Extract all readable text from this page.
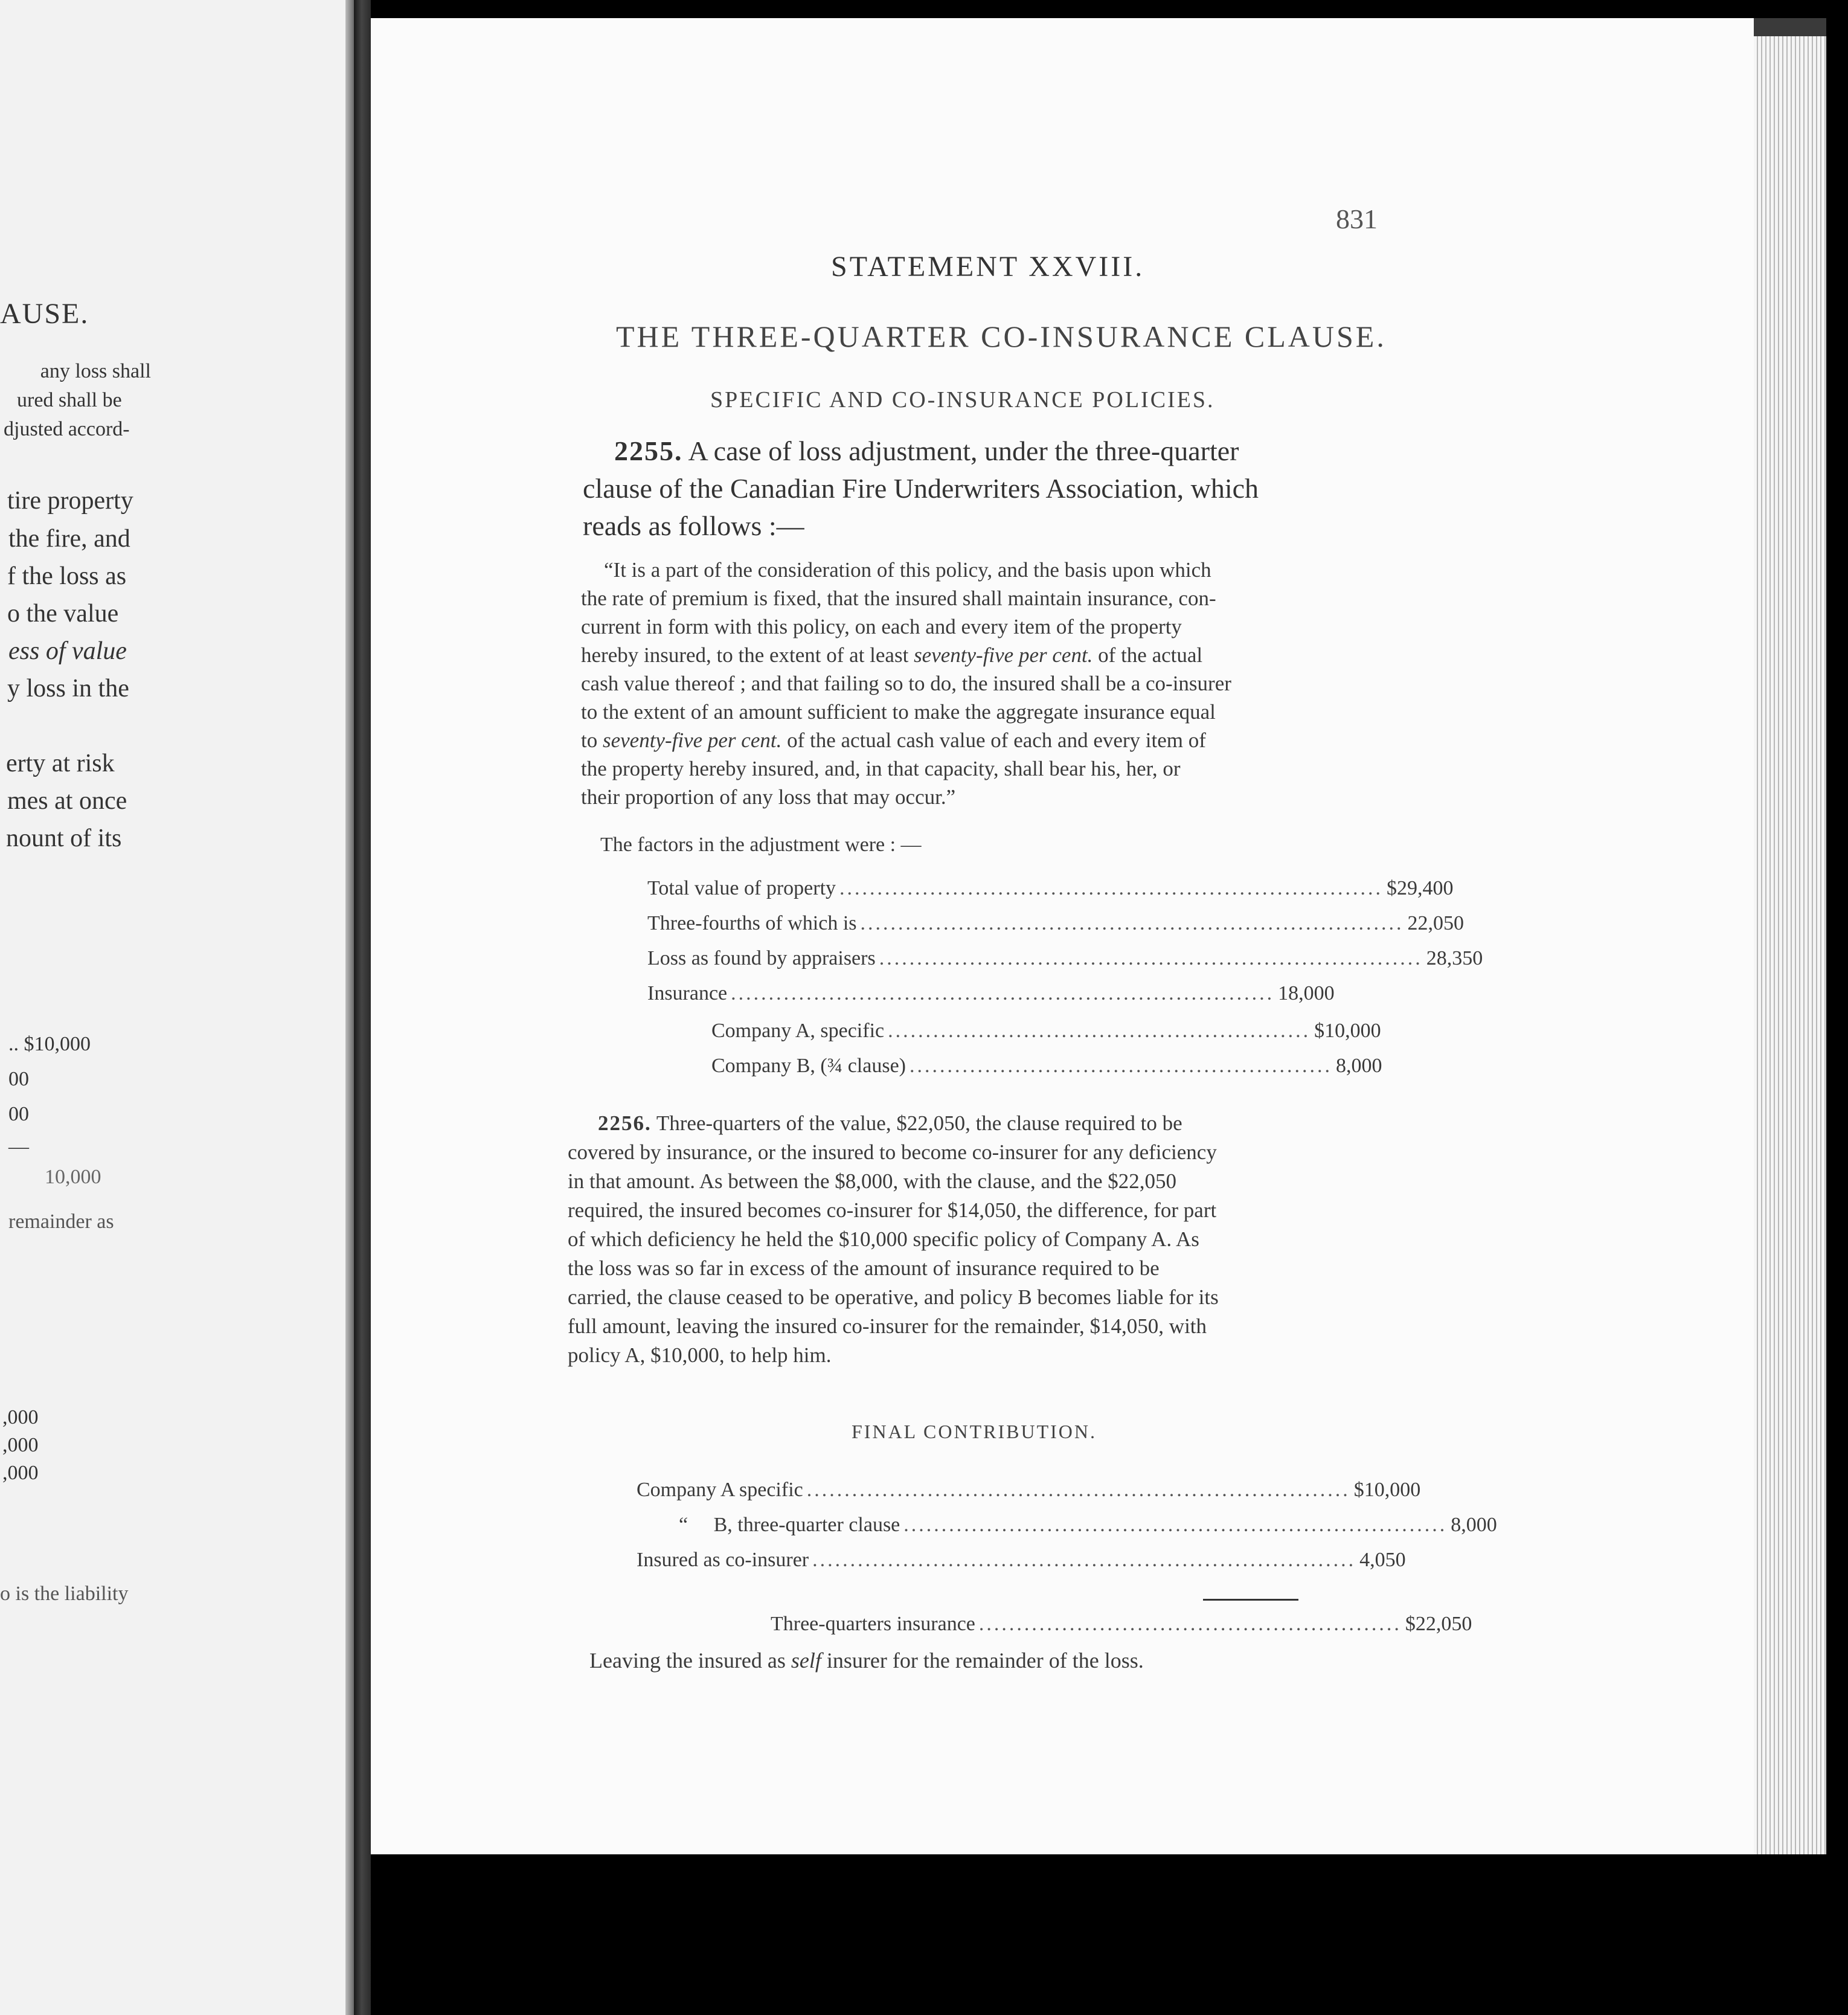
AUSE.
any loss shall
ured shall be
djusted accord-
tire property
the fire, and
f the loss as
o the value
ess of value
y loss in the
erty at risk
mes at once
nount of its
.. $10,000
00
00
—
10,000
remainder as
,000
,000
,000
o is the liability
831
STATEMENT XXVIII.
THE THREE-QUARTER CO-INSURANCE CLAUSE.
SPECIFIC AND CO-INSURANCE POLICIES.
2255. A case of loss adjustment, under the three-quarter
clause of the Canadian Fire Underwriters Association, which
reads as follows :—
“It is a part of the consideration of this policy, and the basis upon which
the rate of premium is fixed, that the insured shall maintain insurance, con-
current in form with this policy, on each and every item of the property
hereby insured, to the extent of at least seventy-five per cent. of the actual
cash value thereof ; and that failing so to do, the insured shall be a co-insurer
to the extent of an amount sufficient to make the aggregate insurance equal
to seventy-five per cent. of the actual cash value of each and every item of
the property hereby insured, and, in that capacity, shall bear his, her, or
their proportion of any loss that may occur.”
The factors in the adjustment were : —
Total value of property ........................................................................ $29,400
Three-fourths of which is ........................................................................ 22,050
Loss as found by appraisers ........................................................................ 28,350
Insurance ........................................................................ 18,000
Company A, specific ........................................................ $10,000
Company B, (¾ clause) ........................................................ 8,000
2256. Three-quarters of the value, $22,050, the clause required to be
covered by insurance, or the insured to become co-insurer for any deficiency
in that amount. As between the $8,000, with the clause, and the $22,050
required, the insured becomes co-insurer for $14,050, the difference, for part
of which deficiency he held the $10,000 specific policy of Company A. As
the loss was so far in excess of the amount of insurance required to be
carried, the clause ceased to be operative, and policy B becomes liable for its
full amount, leaving the insured co-insurer for the remainder, $14,050, with
policy A, $10,000, to help him.
FINAL CONTRIBUTION.
Company A specific ........................................................................ $10,000
“     B, three-quarter clause ........................................................................ 8,000
Insured as co-insurer ........................................................................ 4,050
Three-quarters insurance ........................................................ $22,050
Leaving the insured as self insurer for the remainder of the loss.
